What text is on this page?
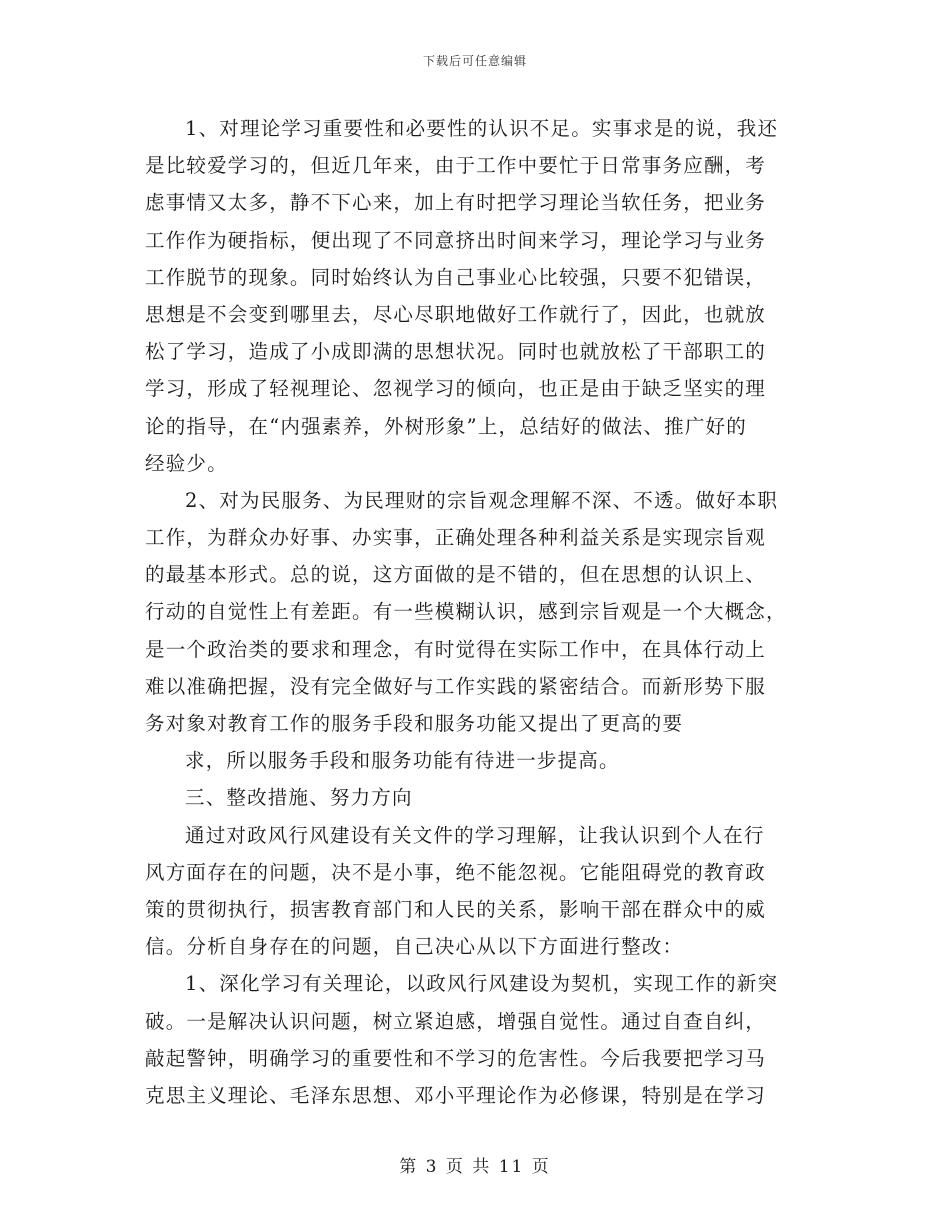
下载后可任意编辑
1、对理论学习重要性和必要性的认识不足。实事求是的说，我还
是比较爱学习的，但近几年来，由于工作中要忙于日常事务应酬，考
虑事情又太多，静不下心来，加上有时把学习理论当软任务，把业务
工作作为硬指标，便出现了不同意挤出时间来学习，理论学习与业务
工作脱节的现象。同时始终认为自己事业心比较强，只要不犯错误，
思想是不会变到哪里去，尽心尽职地做好工作就行了，因此，也就放
松了学习，造成了小成即满的思想状况。同时也就放松了干部职工的
学习，形成了轻视理论、忽视学习的倾向，也正是由于缺乏坚实的理
论的指导，在“内强素养，外树形象”上，总结好的做法、推广好的
经验少。
2、对为民服务、为民理财的宗旨观念理解不深、不透。做好本职
工作，为群众办好事、办实事，正确处理各种利益关系是实现宗旨观
的最基本形式。总的说，这方面做的是不错的，但在思想的认识上、
行动的自觉性上有差距。有一些模糊认识，感到宗旨观是一个大概念，
是一个政治类的要求和理念，有时觉得在实际工作中，在具体行动上
难以准确把握，没有完全做好与工作实践的紧密结合。而新形势下服
务对象对教育工作的服务手段和服务功能又提出了更高的要
求，所以服务手段和服务功能有待进一步提高。
三、整改措施、努力方向
通过对政风行风建设有关文件的学习理解，让我认识到个人在行
风方面存在的问题，决不是小事，绝不能忽视。它能阻碍党的教育政
策的贯彻执行，损害教育部门和人民的关系，影响干部在群众中的威
信。分析自身存在的问题，自己决心从以下方面进行整改：
1、深化学习有关理论，以政风行风建设为契机，实现工作的新突
破。一是解决认识问题，树立紧迫感，增强自觉性。通过自查自纠，
敲起警钟，明确学习的重要性和不学习的危害性。今后我要把学习马
克思主义理论、毛泽东思想、邓小平理论作为必修课，特别是在学习
第 3 页 共 11 页
